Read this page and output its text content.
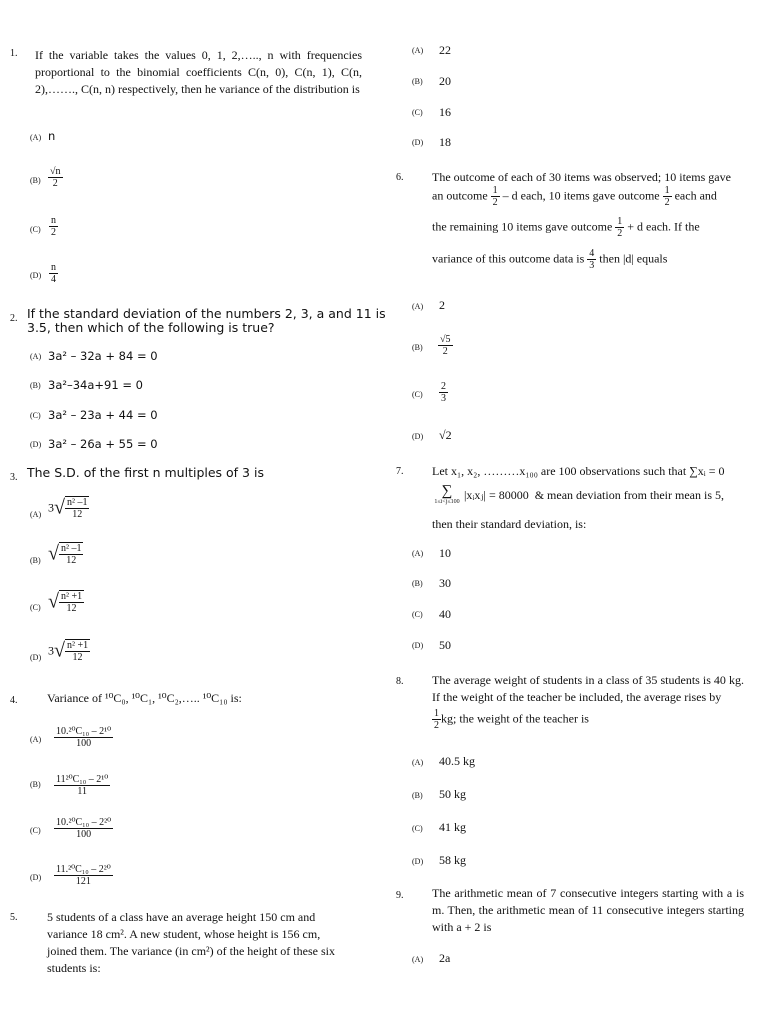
1. If the variable takes the values 0, 1, 2,….., n with frequencies proportional to the binomial coefficients C(n, 0), C(n, 1), C(n, 2),……., C(n, n) respectively, then he variance of the distribution is
(A) n
$(B) \frac{√n}{2}$
$(C) \frac{n}{2}$
$(D) \frac{n}{4}$
2. If the standard deviation of the numbers 2, 3, a and 11 is 3.5, then which of the following is true?
(A) 3a² – 32a + 84 = 0
(B) 3a²–34a+91 = 0
(C) 3a² – 23a + 44 = 0
(D) 3a² – 26a + 55 = 0
3. The S.D. of the first n multiples of 3 is
(A) $3√ \frac{\text{n² –1}}{12}$
(B) √ $\frac{\text{n² –1}}{12}$
(C) √ $\frac{\text{n² +1}}{12}$
(D) $3√ \frac{\text{n² +1}}{12}$
4. Variance of ¹⁰C₀, ¹⁰C₁, ¹⁰C₂,….. ¹⁰C₁₀ is:
$(A) \frac{\text{10.²⁰C₁₀ – 2¹⁰}}{100}$
$(B) \frac{\text{11²⁰C₁₀ – 2¹⁰}}{11}$
$(C) \frac{\text{10.²⁰C₁₀ – 2²⁰}}{100}$
$(D) \frac{\text{11.²⁰C₁₀ – 2²⁰}}{121}$
5. 5 students of a class have an average height 150 cm and variance 18 cm². A new student, whose height is 156 cm, joined them. The variance (in cm²) of the height of these six students is:
(A) 22
(B) 20
(C) 16
(D) 18
6. The outcome of each of 30 items was observed; 10 items gave
an outcome $\frac{1}{2}$ – d each, 10 items gave outcome $\frac{1}{2}$ each and
the remaining 10 items gave outcome $\frac{1}{2} + d$ each. If the
variance of this outcome data is $\frac{4}{3}$ then |d| equals
(A) 2
$(B) \frac{√5}{2}$
$(C) \frac{2}{3}$
(D) √2
7. Let x₁, x₂, ………x₁₀₀ are 100 observations such that ∑xᵢ = 0
∑
1≤i<j≤100 |xᵢxⱼ| = 80000 & mean deviation from their mean is 5,
then their standard deviation, is:
(A) 10
(B) 30
(C) 40
(D) 50
8. The average weight of students in a class of 35 students is 40 kg. If the weight of the teacher be included, the average rises by
$\frac{1}{2}$ kg; the weight of the teacher is
(A) 40.5 kg
(B) 50 kg
(C) 41 kg
(D) 58 kg
9. The arithmetic mean of 7 consecutive integers starting with a is m. Then, the arithmetic mean of 11 consecutive integers starting with a + 2 is
(A) 2a
